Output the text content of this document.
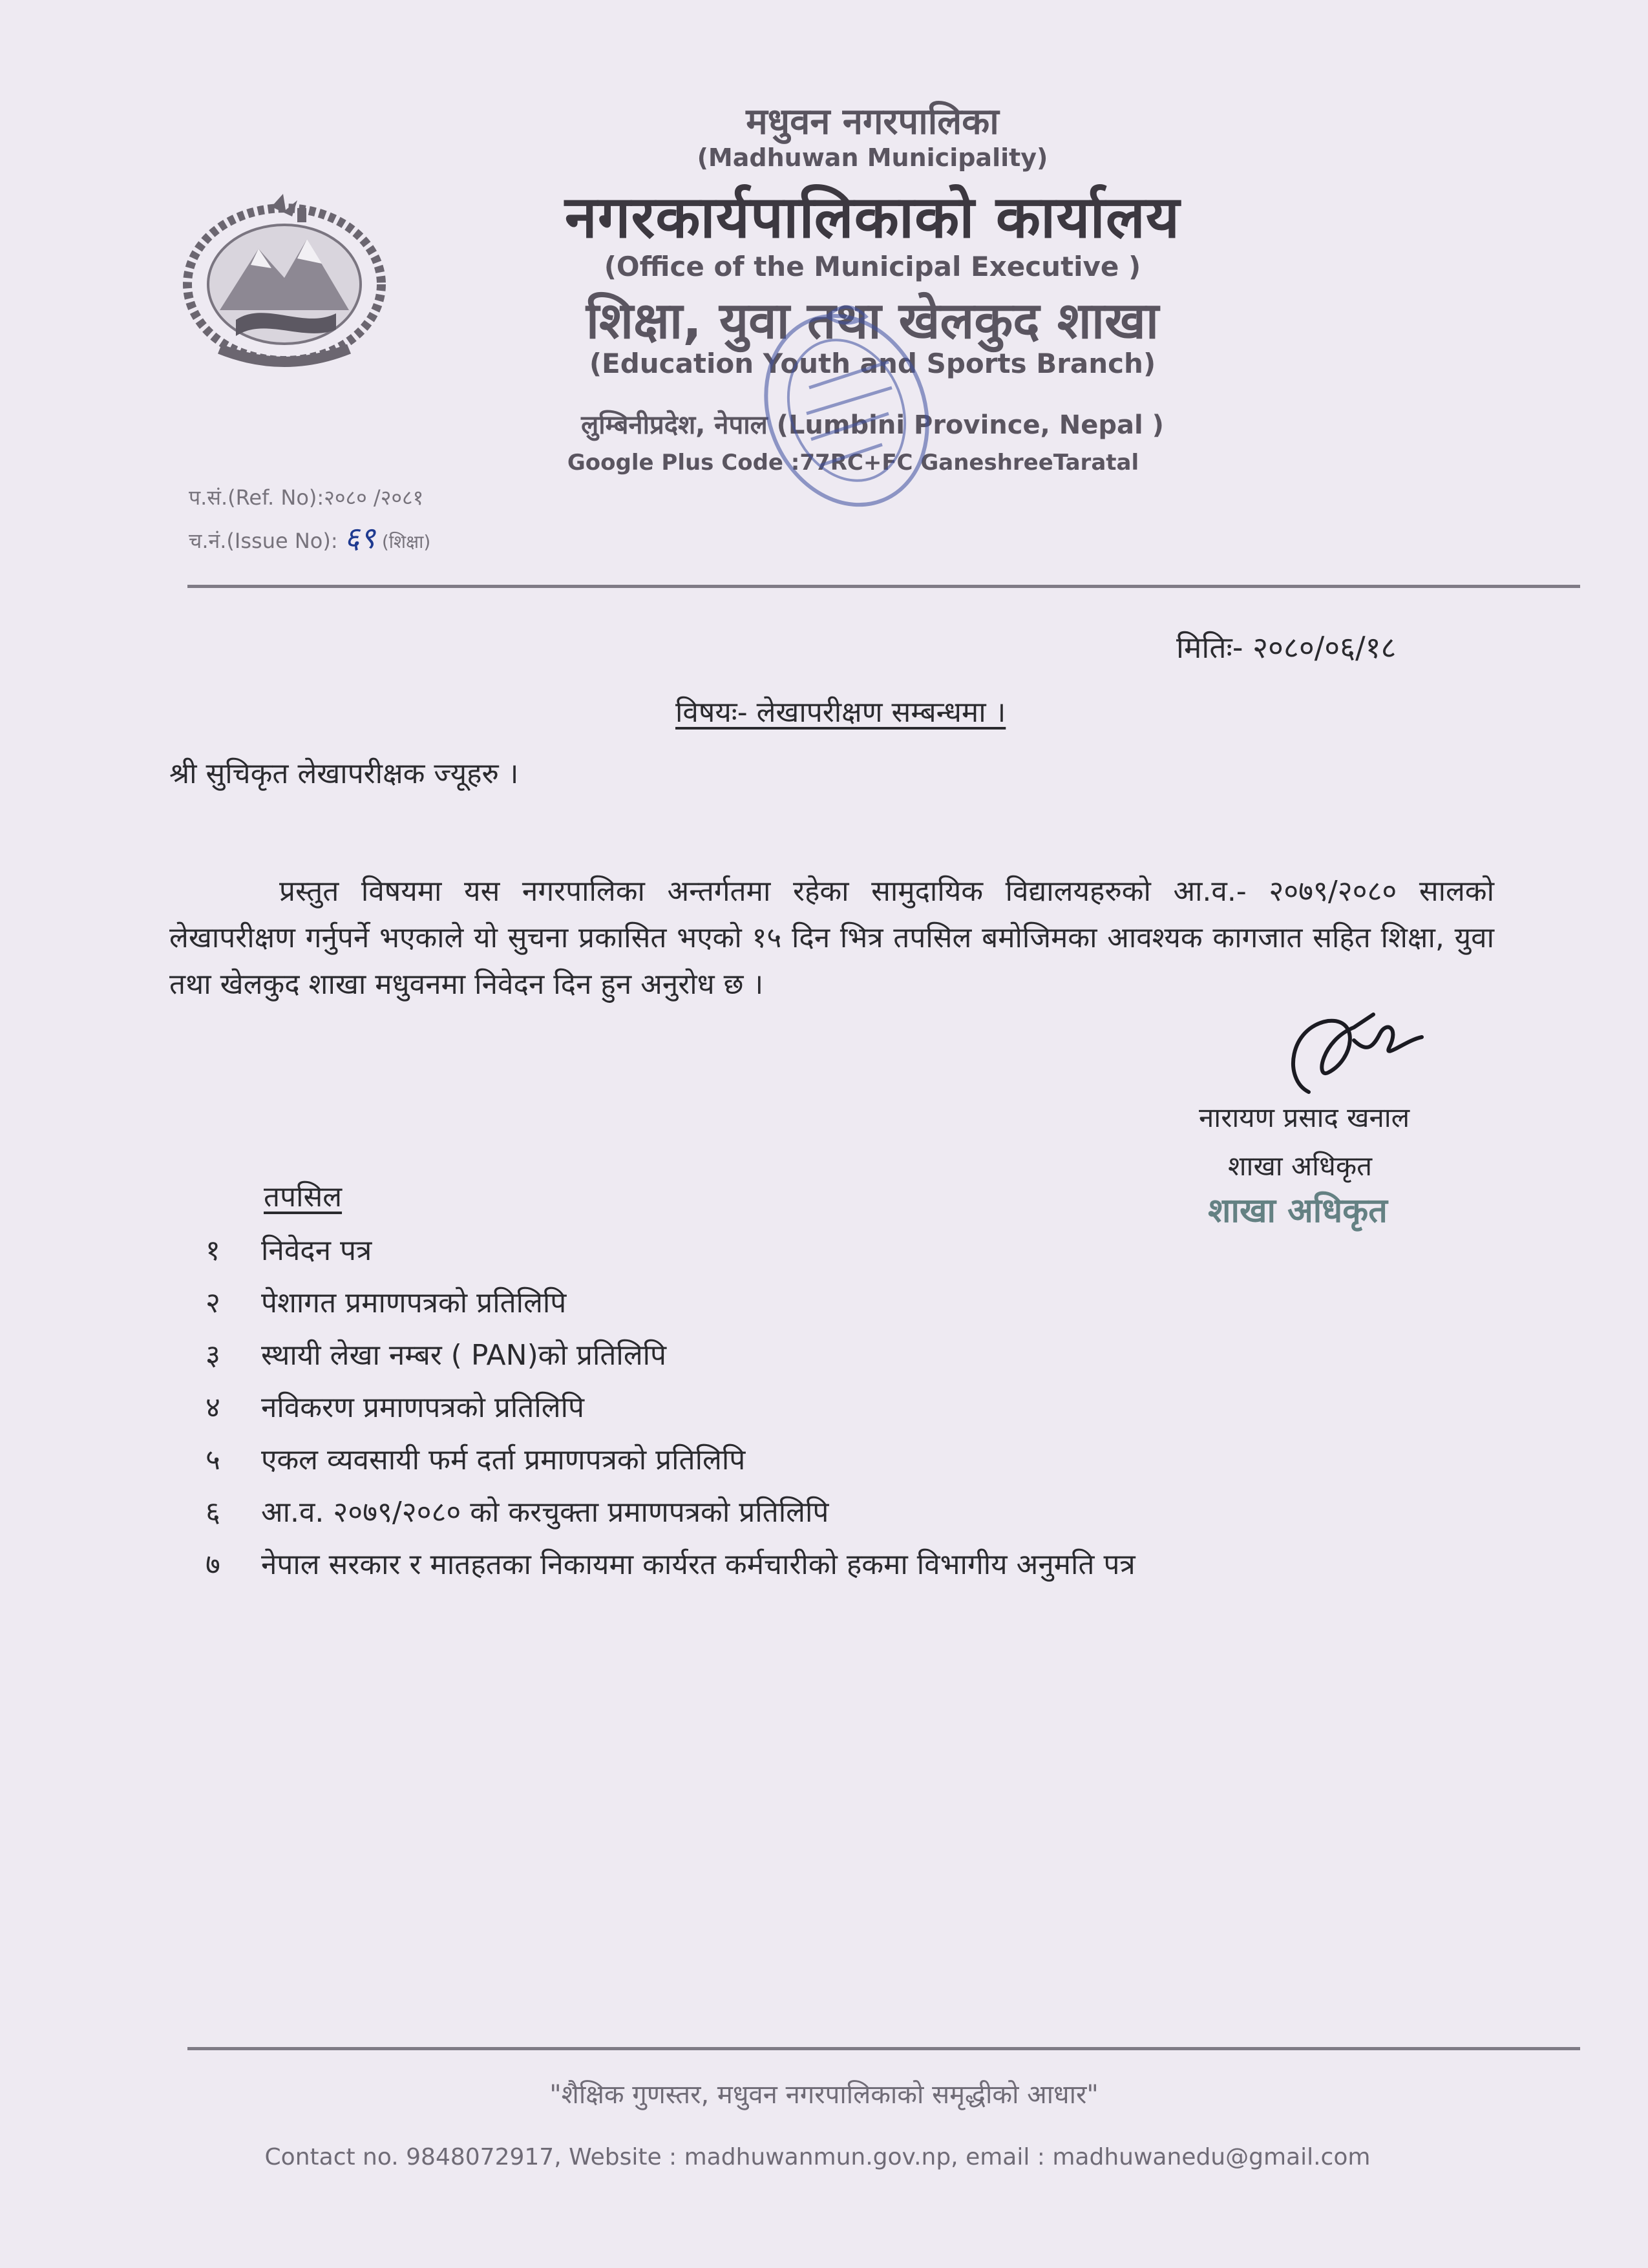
मधुवन नगरपालिका
(Madhuwan Municipality)
नगरकार्यपालिकाको कार्यालय
(Office of the Municipal Executive )
शिक्षा, युवा तथा खेलकुद शाखा
(Education Youth and Sports Branch)
लुम्बिनीप्रदेश, नेपाल (Lumbini Province, Nepal )
Google Plus Code :77RC+FC GaneshreeTaratal
प.सं.(Ref. No):२०८० /२०८१
च.नं.(Issue No): ६९ (शिक्षा)
मितिः- २०८०/०६/१८
विषयः- लेखापरीक्षण सम्बन्धमा ।
श्री सुचिकृत लेखापरीक्षक ज्यूहरु ।

प्रस्तुत विषयमा यस नगरपालिका अन्तर्गतमा रहेका सामुदायिक विद्यालयहरुको आ.व.- २०७९/२०८० सालको लेखापरीक्षण गर्नुपर्ने भएकाले यो सुचना प्रकासित भएको १५ दिन भित्र तपसिल बमोजिमका आवश्यक कागजात सहित शिक्षा, युवा तथा खेलकुद शाखा मधुवनमा निवेदन दिन हुन अनुरोध छ ।

नारायण प्रसाद खनाल
शाखा अधिकृत
शाखा अधिकृत
तपसिल
१ निवेदन पत्र
२ पेशागत प्रमाणपत्रको प्रतिलिपि
३ स्थायी लेखा नम्बर ( PAN)को प्रतिलिपि
४ नविकरण प्रमाणपत्रको प्रतिलिपि
५ एकल व्यवसायी फर्म दर्ता प्रमाणपत्रको प्रतिलिपि
६ आ.व. २०७९/२०८० को करचुक्ता प्रमाणपत्रको प्रतिलिपि
७ नेपाल सरकार र मातहतका निकायमा कार्यरत कर्मचारीको हकमा विभागीय अनुमति पत्र
"शैक्षिक गुणस्तर, मधुवन नगरपालिकाको समृद्धीको आधार"
Contact no. 9848072917, Website : madhuwanmun.gov.np, email : madhuwanedu@gmail.com
